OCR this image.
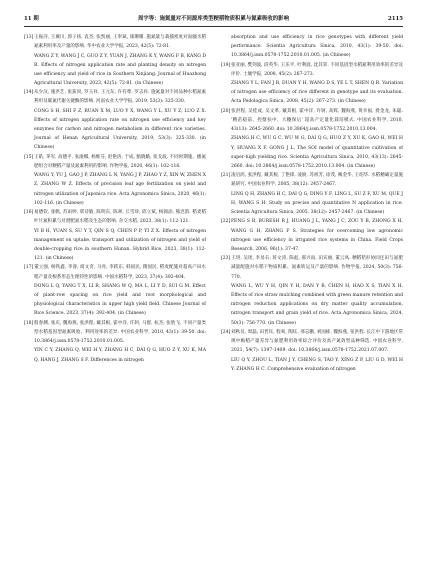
11 期	周宇等：施氮量对不同源库类型粳稻物质积累与氮素吸收的影响	2115

[13]王振洋, 王翼川, 郭子扬, 袁杰, 张凯丽, 王奉斌, 康珊珊. 施氮量与栽插密度对南疆水稻氮素利用率及产量的影响. 华中农业大学学报, 2023, 42(5): 72-81.

WANG Z Y, WANG J C, GUO Z Y, YUAN J, ZHANG K Y, WANG F B, KANG D R. Effects of nitrogen application rate and planting density on nitrogen use efficiency and yield of rice in Southern Xinjiang. Journal of Huazhong Agricultural University, 2023, 42(5): 72-81. (in Chinese)

[14]从少汶, 施洪艺, 张荻同, 罗玉祥, 王元东, 许有尊, 罗志祥. 施氮量对不同品种水稻氮素利用及碳氮代谢关键酶的影响. 河南农业大学学报, 2019, 53(3): 325-330.

CONG S H, SHI F Z, RUAN X M, LUO Y X, WANG Y L, XU Y Z, LUO Z X. Effects of nitrogen application rate on nitrogen use efficiency and key enzymes for carbon and nitrogen metabolism in different rice varieties. Journal of Henan Agricultural University, 2019, 53(3): 325-330. (in Chinese)

[15]王皓, 茅军, 高德平, 张潼娜, 杨维芬, 赵艳涛, 于成, 甄晓娥, 张戈波. 不同时期施、播氮肥组合对粳稻产量及氮素利用的影响. 作物学报, 2020, 46(1): 102-116.

WANG Y, YU J, GAO J P, ZHANG L N, YANG J P, ZHAO Y Z, XIN W, ZHEN X Z, ZHANG W Z. Effects of precision leaf age fertilization on yield and nitrogen utilization of Japonica rice. Acta Agronomica Sinica, 2020, 46(1): 102-116. (in Chinese)

[16]易德钦, 张帆, 苏雨婷, 覃诗敏, 陈明东, 陈翠, 丘雪珍, 邱立斌, 杨锦添, 熊迟韵. 稻麦稻叶片氮积累与对潜肥氮水稻及生态的影响. 杂交水稻, 2023, 38(1): 112-121.

YI B H, YUAN S, SU Y T, QIN S Q, CHEN P P, YI Z X. Effects of nitrogen management on uptake, transport and utilization of nitrogen and yield of double-cropping rice in southern Hunan. Hybrid Rice, 2023, 38(1): 112-121. (in Chinese)

[17]董立强, 杨铁鑫, 李睿, 商文奇, 马亮, 李跃东, 韩国民, 隋国民. 稻麦配施对超高产田水稻产量及根系形态生理特性的影响. 中国水稻科学, 2023, 37(4): 392-404.

DONG L Q, YANG T X, LI R, SHANG W Q, MA L, LI Y D, SUI G M. Effect of plant-row spacing on rice yield and root morphological and physiological characteristics in upper high yield field. Chinese Journal of Rice Science, 2023, 37(4): 392-404. (in Chinese)

[18]殷春渊, 张庆, 魏海燕, 张洪程, 戴其根, 霍中洋, 许轲, 马群, 杭杰, 张胜飞. 不同产量类型水稻基因型氮素吸收、利用效率的差异. 中国农业科学, 2010, 43(1): 39-50. doi: 10.3864/j.issn.0578-1752.2010.01.005.

YIN C Y, ZHANG Q, WEI H Y, ZHANG H C, DAI Q G, HUO Z Y, XU K, MA Q, HANG J, ZHANG S F. Differences in nitrogen

absorption and use efficiency in rice genotypes with different yield performance. Scientia Agricultura Sinica, 2010, 43(1): 39-50. doi: 10.3864/j.issn.0578-1752.2010.01.005. (in Chinese)

[19]张亚丽, 樊剑波, 段英华, 王乐平, 叶利庭, 沈其荣. 不同基因型水稻氮利用效率的差异及评价. 土壤学报, 2008, 45(2): 267-273.

ZHANG Y L, FAN J B, DUAN Y H, WANG D S, YE L T, SHEN Q R. Variation of nitrogen use efficiency of rice different in genotype and its evaluation. Acta Pedologica Sinica, 2008, 45(2): 267-273. (in Chinese)

[20]张洪程, 吴桂成, 吴文革, 戴其根, 霍中洋, 许轲, 高辉, 魏海燕, 黄幸福, 龚金龙, 朱聪. '精苗稳前、控蘖扶中、大穗保后' 超高产定量化栽培模式. 中国农业科学, 2010, 43(13): 2645-2660. doi: 10.3864/j.issn.0578-1752.2010.13.004.

ZHANG H C, WU G C, WU W G, DAI Q G, HUO Z Y, XU K, GAO H, WEI H Y, HUANG X F, GONG J L. The SOI model of quantitative cultivation of super-high yielding rice. Scientia Agricultura Sinica, 2010, 43(13): 2645-2660. doi: 10.3864/j.issn.0578-1752.2010.13.004. (in Chinese)

[21]凌启鸿, 张洪程, 戴其根, 丁艳锋, 凌励, 苏祖芳, 徐茂, 阙金华, 王绍华. 水稻精确定量施氮研究. 中国农业科学, 2005, 38(12): 2457-2467.

LING Q H, ZHANG H C, DAI Q G, DING Y F, LING L, SU Z F, XU M, QUE J H, WANG S H. Study on precise and quantitative N application in rice. Scientia Agricultura Sinica, 2005, 38(12): 2457-2467. (in Chinese)

[22]PENG S B, BURESH R J, HUANG J L, YANG J C, ZOU Y B, ZHONG X H, WANG G H, ZHANG F S. Strategies for overcoming low agronomic nitrogen use efficiency in irrigated rice systems in China. Field Crops Research, 2006, 96(1): 37-47.

[23]王玥, 吴瑶, 李显石, 蒋文涛, 陈彪, 郝兴雨, 田宾丽, 董云凤. 粳稻秸秆协同还田与氮肥减量配施对水稻干物质积累、氮素转运及产量的影响. 作物学报, 2024, 50(3): 756-770.

WANG L, WU Y H, QIN Y H, DAN Y B, CHEN H, HAO X S, TIAN X H. Effects of rice straw mulching combined with green manure retention and nitrogen reduction applications on dry matter quality accumulation, nitrogen transport and grain yield of rice. Acta Agronomica Sinica, 2024, 50(3): 756-770. (in Chinese)

[24]刘秋员, 周磊, 田晋钰, 程爽, 陶钰, 邢志鹏, 刘国栋, 魏海燕, 张洪程. 长江中下游地区常规中籼稻产量差异与氮肥利用效率综合评价及高产氮效型品种筛选. 中国农业科学, 2021, 54(7): 1397-1409. doi: 10.3864/j.issn.0578-1752.2021.07.007.

LIU Q Y, ZHOU L, TIAN J Y, CHENG S, TAO Y, XING Z P, LIU G D, WEI H Y, ZHANG H C. Comprehensive evaluation of nitrogen
